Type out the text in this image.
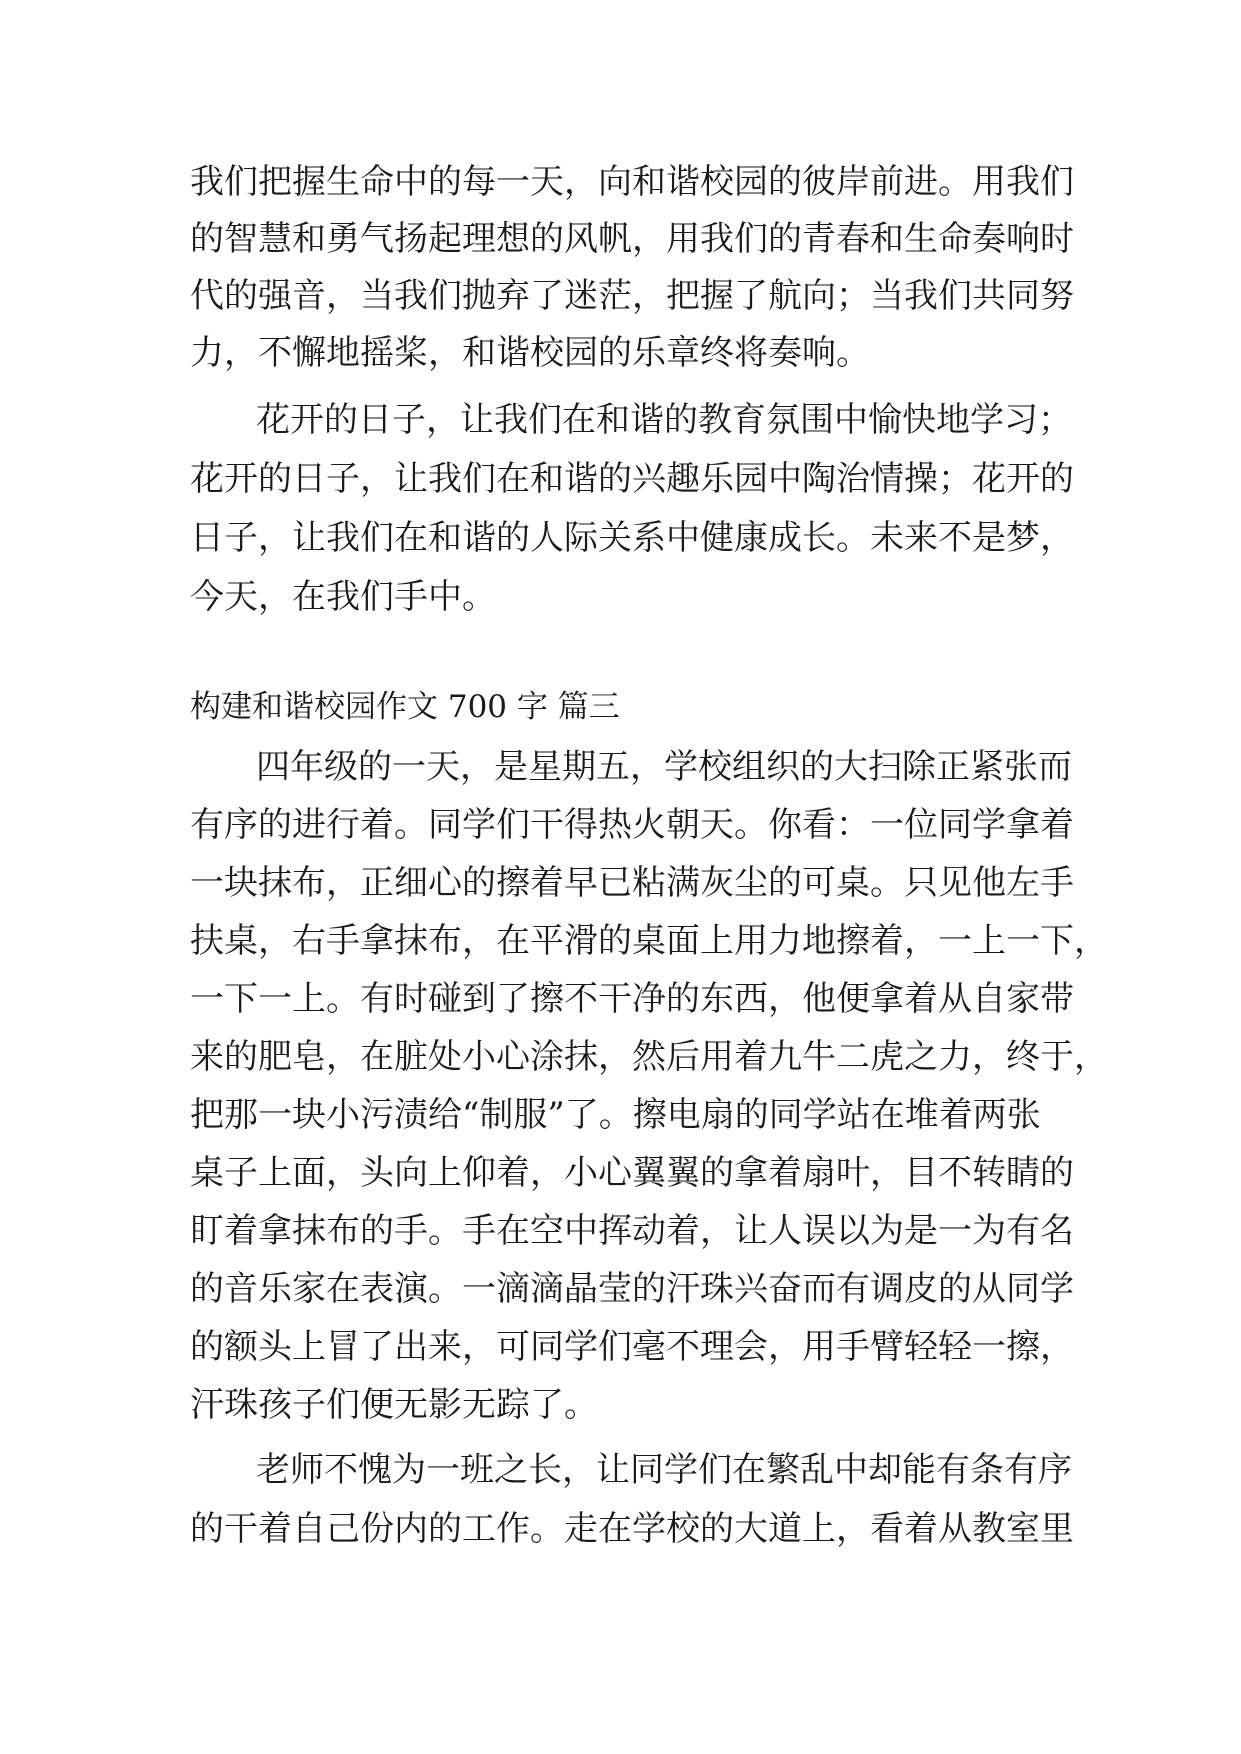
我们把握生命中的每一天，向和谐校园的彼岸前进。用我们
的智慧和勇气扬起理想的风帆，用我们的青春和生命奏响时
代的强音，当我们抛弃了迷茫，把握了航向；当我们共同努
力，不懈地摇桨，和谐校园的乐章终将奏响。
花开的日子，让我们在和谐的教育氛围中愉快地学习；
花开的日子，让我们在和谐的兴趣乐园中陶治情操；花开的
日子，让我们在和谐的人际关系中健康成长。未来不是梦，
今天，在我们手中。
构建和谐校园作文 700 字 篇三
四年级的一天，是星期五，学校组织的大扫除正紧张而
有序的进行着。同学们干得热火朝天。你看：一位同学拿着
一块抹布，正细心的擦着早已粘满灰尘的可桌。只见他左手
扶桌，右手拿抹布，在平滑的桌面上用力地擦着，一上一下，
一下一上。有时碰到了擦不干净的东西，他便拿着从自家带
来的肥皂，在脏处小心涂抹，然后用着九牛二虎之力，终于，
把那一块小污渍给“制服”了。擦电扇的同学站在堆着两张
桌子上面，头向上仰着，小心翼翼的拿着扇叶，目不转睛的
盯着拿抹布的手。手在空中挥动着，让人误以为是一为有名
的音乐家在表演。一滴滴晶莹的汗珠兴奋而有调皮的从同学
的额头上冒了出来，可同学们毫不理会，用手臂轻轻一擦，
汗珠孩子们便无影无踪了。
老师不愧为一班之长，让同学们在繁乱中却能有条有序
的干着自己份内的工作。走在学校的大道上，看着从教室里
